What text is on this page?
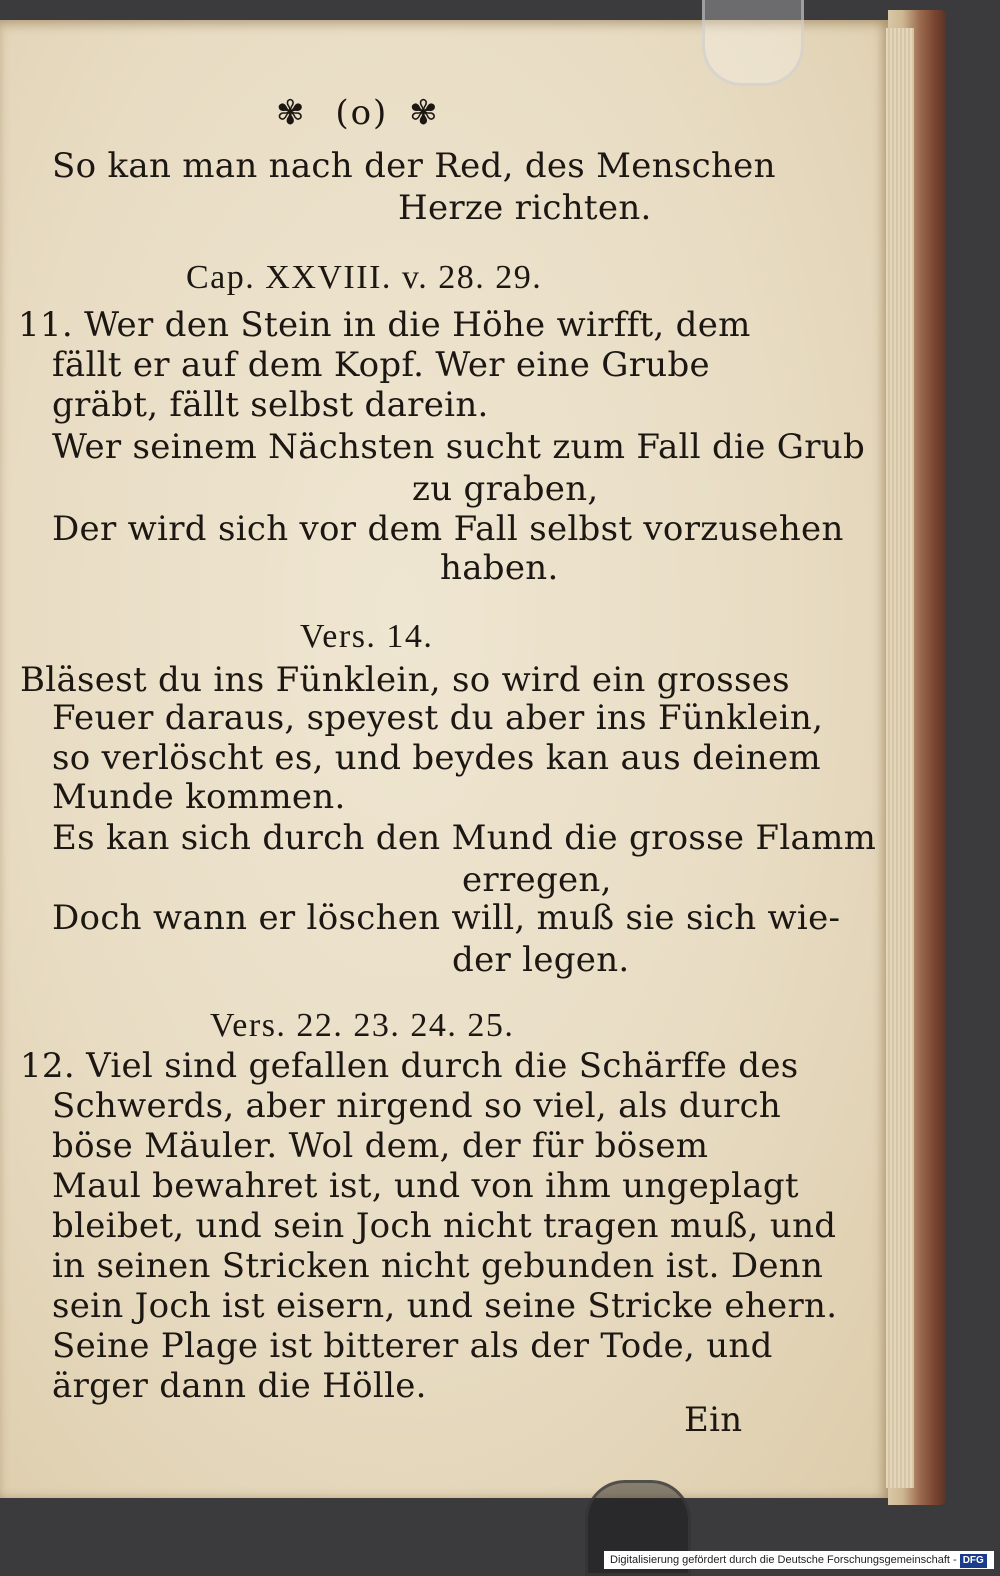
✾ (o) ✾
So kan man nach der Red, des Menschen
Herze richten.
Cap. XXVIII. v. 28. 29.
11. Wer den Stein in die Höhe wirfft, dem
fällt er auf dem Kopf. Wer eine Grube
gräbt, fällt selbst darein.
Wer seinem Nächsten sucht zum Fall die Grub
zu graben,
Der wird sich vor dem Fall selbst vorzusehen
haben.
Vers. 14.
Bläsest du ins Fünklein, so wird ein grosses
Feuer daraus, speyest du aber ins Fünklein,
so verlöscht es, und beydes kan aus deinem
Munde kommen.
Es kan sich durch den Mund die grosse Flamm
erregen,
Doch wann er löschen will, muß sie sich wie-
der legen.
Vers. 22. 23. 24. 25.
12. Viel sind gefallen durch die Schärffe des
Schwerds, aber nirgend so viel, als durch
böse Mäuler. Wol dem, der für bösem
Maul bewahret ist, und von ihm ungeplagt
bleibet, und sein Joch nicht tragen muß, und
in seinen Stricken nicht gebunden ist. Denn
sein Joch ist eisern, und seine Stricke ehern.
Seine Plage ist bitterer als der Tode, und
ärger dann die Hölle.
Ein
Digitalisierung gefördert durch die Deutsche Forschungsgemeinschaft - DFG
